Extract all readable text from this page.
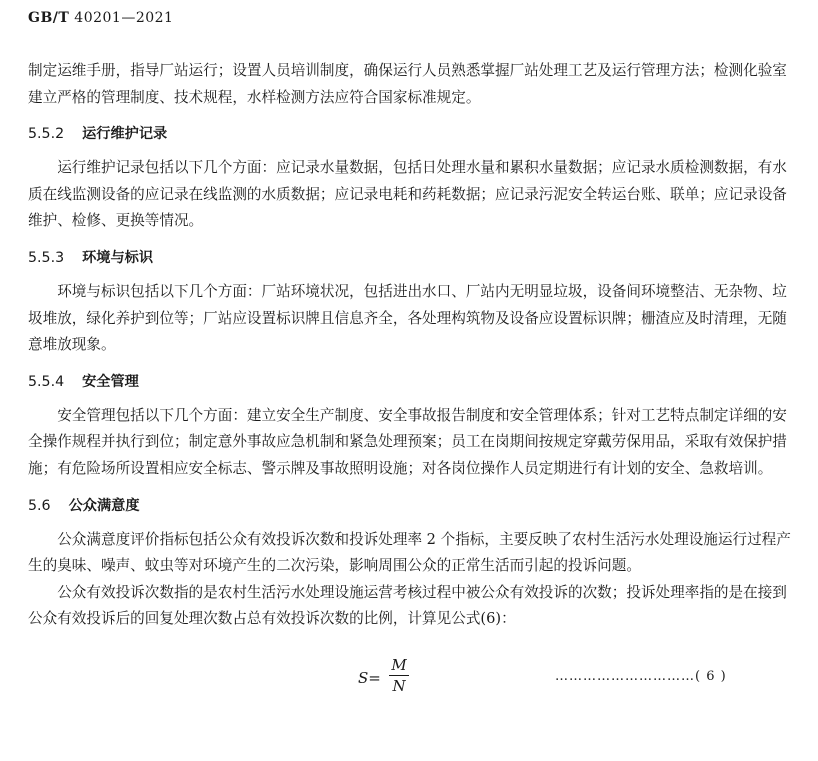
GB/T 40201—2021

制定运维手册，指导厂站运行；设置人员培训制度，确保运行人员熟悉掌握厂站处理工艺及运行管理方法；检测化验室建立严格的管理制度、技术规程，水样检测方法应符合国家标准规定。

5.5.2 运行维护记录

运行维护记录包括以下几个方面：应记录水量数据，包括日处理水量和累积水量数据；应记录水质检测数据，有水质在线监测设备的应记录在线监测的水质数据；应记录电耗和药耗数据；应记录污泥安全转运台账、联单；应记录设备维护、检修、更换等情况。

5.5.3 环境与标识

环境与标识包括以下几个方面：厂站环境状况，包括进出水口、厂站内无明显垃圾，设备间环境整洁、无杂物、垃圾堆放，绿化养护到位等；厂站应设置标识牌且信息齐全，各处理构筑物及设备应设置标识牌；栅渣应及时清理，无随意堆放现象。

5.5.4 安全管理

安全管理包括以下几个方面：建立安全生产制度、安全事故报告制度和安全管理体系；针对工艺特点制定详细的安全操作规程并执行到位；制定意外事故应急机制和紧急处理预案；员工在岗期间按规定穿戴劳保用品，采取有效保护措施；有危险场所设置相应安全标志、警示牌及事故照明设施；对各岗位操作人员定期进行有计划的安全、急救培训。

5.6 公众满意度

公众满意度评价指标包括公众有效投诉次数和投诉处理率 2 个指标，主要反映了农村生活污水处理设施运行过程产生的臭味、噪声、蚊虫等对环境产生的二次污染，影响周围公众的正常生活而引起的投诉问题。

公众有效投诉次数指的是农村生活污水处理设施运营考核过程中被公众有效投诉的次数；投诉处理率指的是在接到公众有效投诉后的回复处理次数占总有效投诉次数的比例，计算见公式(6)：

S=
M
N
…………………………( 6 )
